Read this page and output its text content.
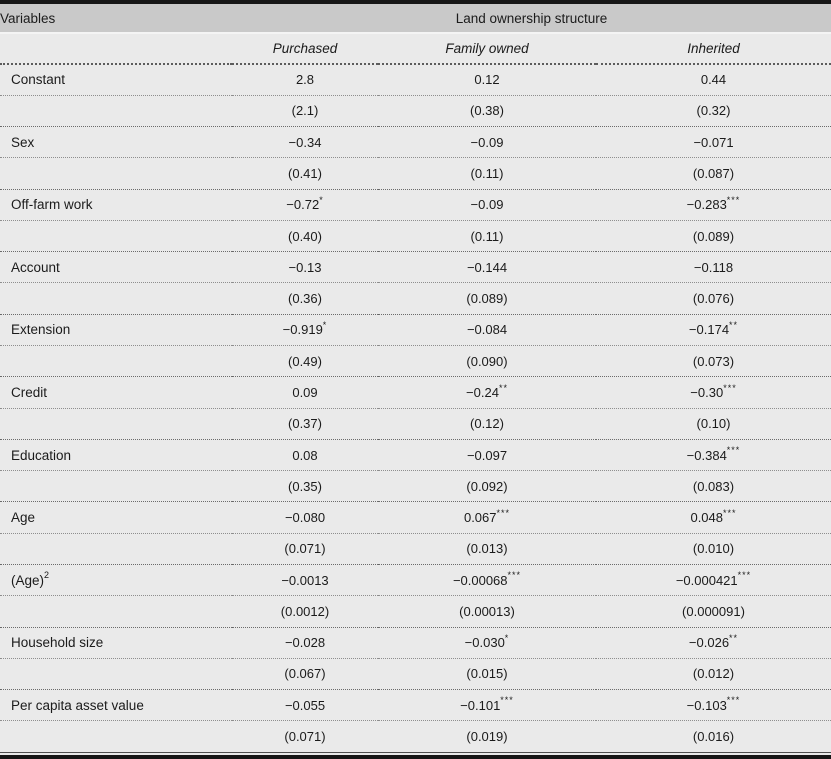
Variables	Land ownership structure		
	Purchased	Family owned	Inherited
Constant	2.8	0.12	0.44
	(2.1)	(0.38)	(0.32)
Sex	−0.34	−0.09	−0.071
	(0.41)	(0.11)	(0.087)
Off-farm work	−0.72*	−0.09	−0.283***
	(0.40)	(0.11)	(0.089)
Account	−0.13	−0.144	−0.118
	(0.36)	(0.089)	(0.076)
Extension	−0.919*	−0.084	−0.174**
	(0.49)	(0.090)	(0.073)
Credit	0.09	−0.24**	−0.30***
	(0.37)	(0.12)	(0.10)
Education	0.08	−0.097	−0.384***
	(0.35)	(0.092)	(0.083)
Age	−0.080	0.067***	0.048***
	(0.071)	(0.013)	(0.010)
(Age)$^2$	−0.0013	−0.00068***	−0.000421***
	(0.0012)	(0.00013)	(0.000091)
Household size	−0.028	−0.030*	−0.026**
	(0.067)	(0.015)	(0.012)
Per capita asset value	−0.055	−0.101***	−0.103***
	(0.071)	(0.019)	(0.016)
